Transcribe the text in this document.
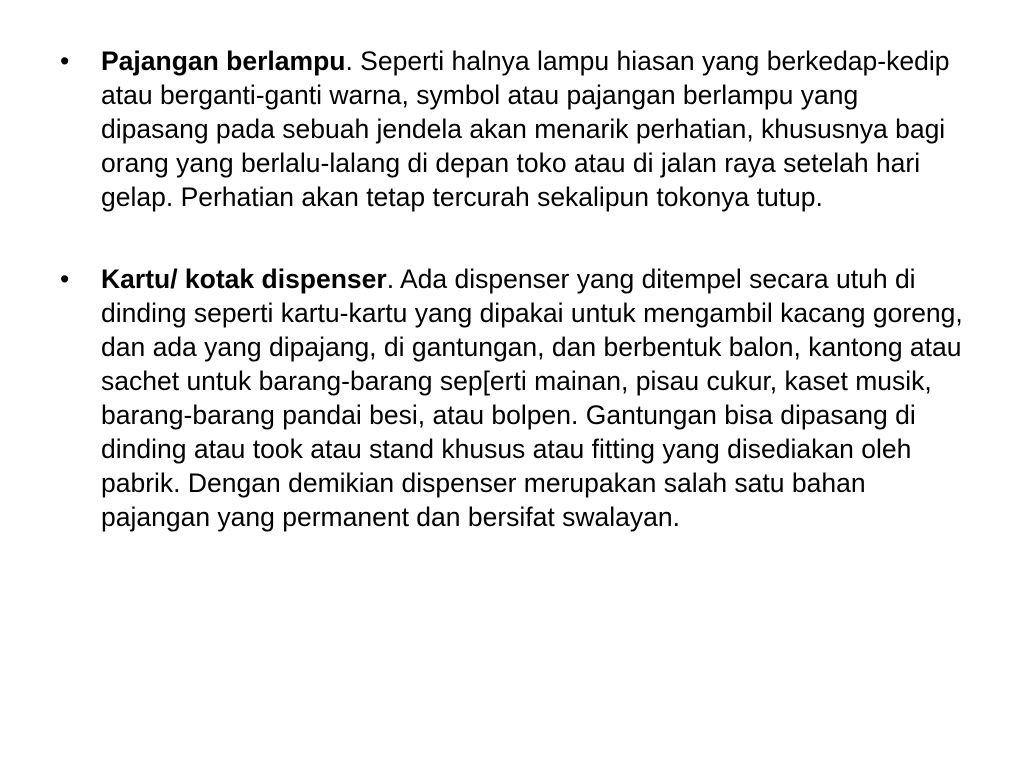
• Pajangan berlampu. Seperti halnya lampu hiasan yang berkedap-kedip atau berganti-ganti warna, symbol atau pajangan berlampu yang dipasang pada sebuah jendela akan menarik perhatian, khususnya bagi orang yang berlalu-lalang di depan toko atau di jalan raya setelah hari gelap. Perhatian akan tetap tercurah sekalipun tokonya tutup.
• Kartu/ kotak dispenser. Ada dispenser yang ditempel secara utuh di dinding seperti kartu-kartu yang dipakai untuk mengambil kacang goreng, dan ada yang dipajang, di gantungan, dan berbentuk balon, kantong atau sachet untuk barang-barang sep[erti mainan, pisau cukur, kaset musik, barang-barang pandai besi, atau bolpen. Gantungan bisa dipasang di dinding atau took atau stand khusus atau fitting yang disediakan oleh pabrik. Dengan demikian dispenser merupakan salah satu bahan pajangan yang permanent dan bersifat swalayan.
